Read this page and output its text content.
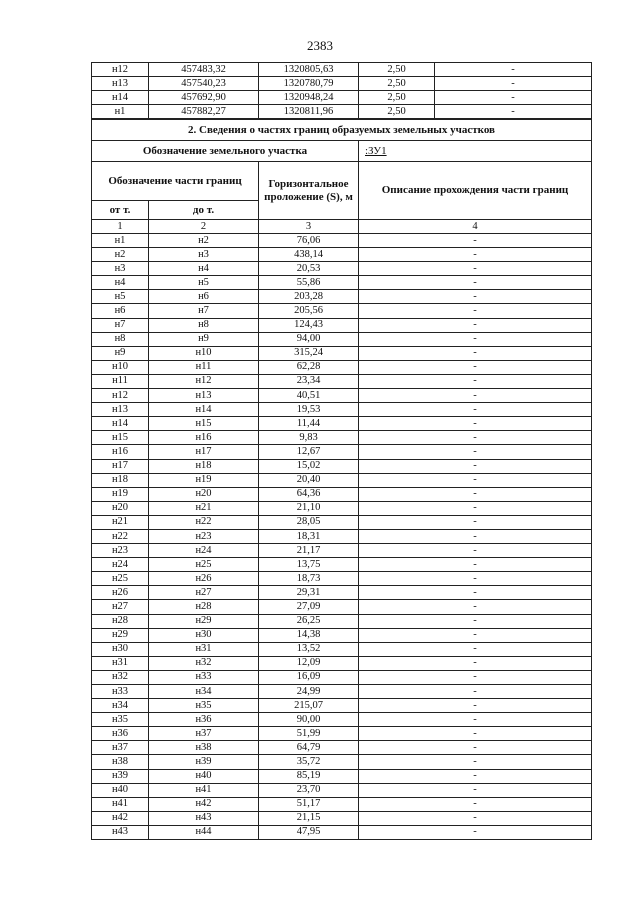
2383
н12	457483,32	1320805,63	2,50	-
н13	457540,23	1320780,79	2,50	-
н14	457692,90	1320948,24	2,50	-
н1	457882,27	1320811,96	2,50	-
2. Сведения о частях границ образуемых земельных участков			
Обозначение земельного участка			:ЗУ1
Обозначение части границ		Горизонтальное проложение (S), м	Описание прохождения части границ
от т.	до т.		
1	2	3	4
н1	н2	76,06	-
н2	н3	438,14	-
н3	н4	20,53	-
н4	н5	55,86	-
н5	н6	203,28	-
н6	н7	205,56	-
н7	н8	124,43	-
н8	н9	94,00	-
н9	н10	315,24	-
н10	н11	62,28	-
н11	н12	23,34	-
н12	н13	40,51	-
н13	н14	19,53	-
н14	н15	11,44	-
н15	н16	9,83	-
н16	н17	12,67	-
н17	н18	15,02	-
н18	н19	20,40	-
н19	н20	64,36	-
н20	н21	21,10	-
н21	н22	28,05	-
н22	н23	18,31	-
н23	н24	21,17	-
н24	н25	13,75	-
н25	н26	18,73	-
н26	н27	29,31	-
н27	н28	27,09	-
н28	н29	26,25	-
н29	н30	14,38	-
н30	н31	13,52	-
н31	н32	12,09	-
н32	н33	16,09	-
н33	н34	24,99	-
н34	н35	215,07	-
н35	н36	90,00	-
н36	н37	51,99	-
н37	н38	64,79	-
н38	н39	35,72	-
н39	н40	85,19	-
н40	н41	23,70	-
н41	н42	51,17	-
н42	н43	21,15	-
н43	н44	47,95	-
